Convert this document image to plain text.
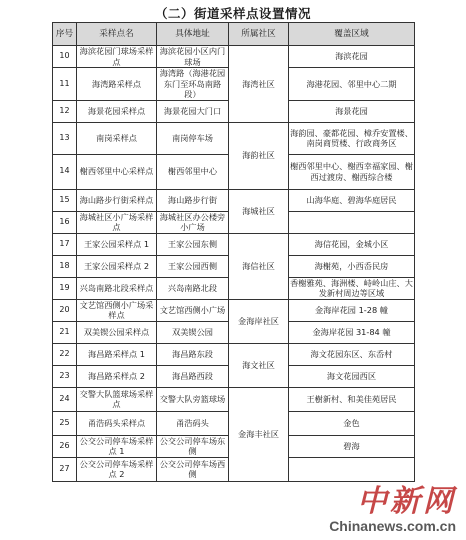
（二）街道采样点设置情况
序号	采样点名	具体地址	所属社区	覆盖区域
10	海滨花园门球场采样点	海滨花园小区内门球场	海湾社区	海滨花园
11	海湾路采样点	海湾路（海港花园东门至环岛南路段）		海港花园、邻里中心二期
12	海景花园采样点	海景花园大门口		海景花园
13	南岗采样点	南岗停车场	海韵社区	海韵园、豪都花园、樟乔安置楼、南岗商贸楼、行政商务区
14	榭西邻里中心采样点	榭西邻里中心		榭西邻里中心、榭西幸福家园、榭西过渡房、榭西综合楼
15	海山路步行街采样点	海山路步行街	海城社区	山海华庭、碧海华庭居民
16	海城社区小广场采样点	海城社区办公楼旁小广场		
17	王家公园采样点 1	王家公园东侧	海信社区	海信花园，金城小区
18	王家公园采样点 2	王家公园西侧		海榭苑，小西岙民房
19	兴岛南路北段采样点	兴岛南路北段		香榭雅苑、海洲楼、峙岭山庄、大发新村周边等区域
20	文艺馆西侧小广场采样点	文艺馆西侧小广场	金海岸社区	金海岸花园 1-28 幢
21	双美锲公园采样点	双美锲公园		金海岸花园 31-84 幢
22	海昌路采样点 1	海昌路东段	海文社区	海文花园东区、东岙村
23	海昌路采样点 2	海昌路西段		海文花园西区
24	交警大队篮球场采样点	交警大队旁篮球场	金海丰社区	王樹新村、和美佳苑居民
25	甬浩码头采样点	甬浩码头		金色
26	公交公司停车场采样点 1	公交公司停车场东侧		碧海
27	公交公司停车场采样点 2	公交公司停车场西侧		
中新网
Chinanews.com.cn
